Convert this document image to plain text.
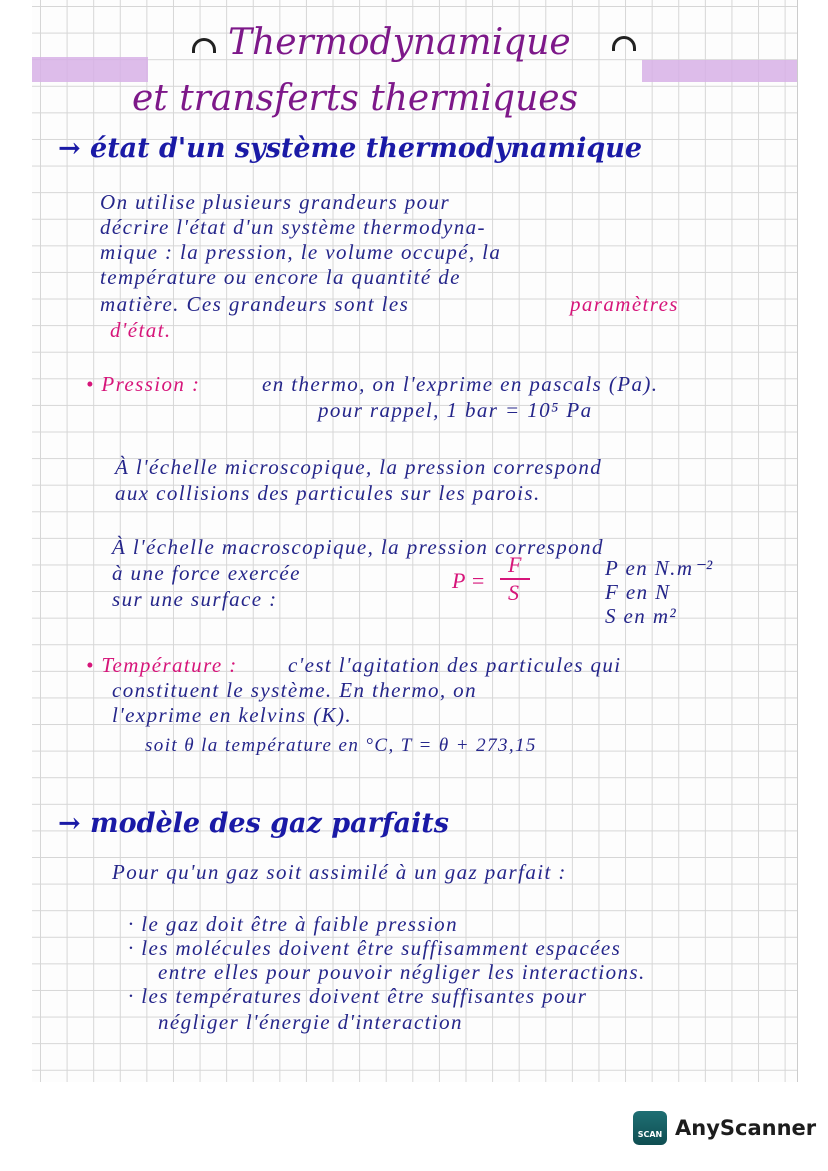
Thermodynamique
et transferts thermiques
→ état d'un système thermodynamique
On utilise plusieurs grandeurs pour
décrire l'état d'un système thermodyna-
mique : la pression, le volume occupé, la
température ou encore la quantité de
matière. Ces grandeurs sont les	paramètres
d'état.
• Pression :	en thermo, on l'exprime en pascals (Pa).
pour rappel, 1 bar = 10⁵ Pa
À l'échelle microscopique, la pression correspond
aux collisions des particules sur les parois.
À l'échelle macroscopique, la pression correspond
à une force exercée
sur une surface :
P =
F
S
P en N.m⁻²
F en N
S en m²
• Température : c'est l'agitation des particules qui
constituent le système. En thermo, on
l'exprime en kelvins (K).
soit θ la température en °C, T = θ + 273,15
→ modèle des gaz parfaits
Pour qu'un gaz soit assimilé à un gaz parfait :
· le gaz doit être à faible pression
· les molécules doivent être suffisamment espacées
entre elles pour pouvoir négliger les interactions.
· les températures doivent être suffisantes pour
négliger l'énergie d'interaction
SCAN AnyScanner
